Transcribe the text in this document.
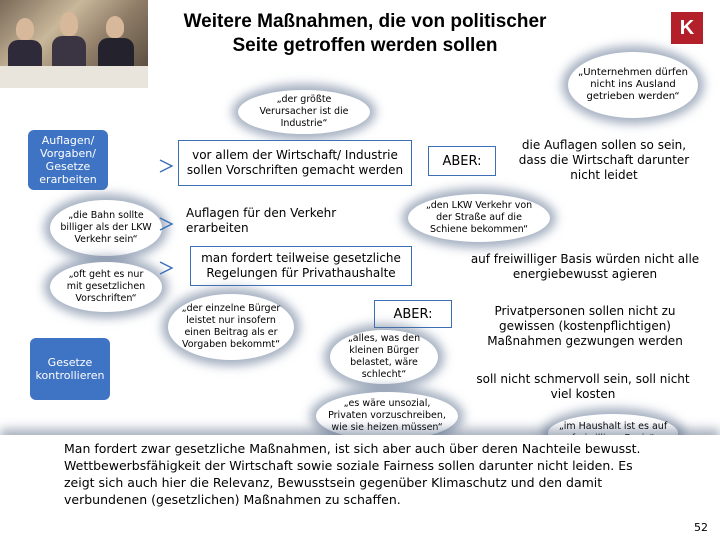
Weitere Maßnahmen, die von politischer
Seite getroffen werden sollen
K
„der größte Verursacher ist die Industrie“
„Unternehmen dürfen nicht ins Ausland getrieben werden“
Auflagen/ Vorgaben/ Gesetze erarbeiten
„die Bahn sollte billiger als der LKW Verkehr sein“
„oft geht es nur mit gesetzlichen Vorschriften“
Gesetze kontrollieren
vor allem der Wirtschaft/ Industrie sollen Vorschriften gemacht werden
ABER:
die Auflagen sollen so sein, dass die Wirtschaft darunter nicht leidet
Auflagen für den Verkehr erarbeiten
„den LKW Verkehr von der Straße auf die Schiene bekommen“
man fordert teilweise gesetzliche Regelungen für Privathaushalte
auf freiwilliger Basis würden nicht alle energiebewusst agieren
„der einzelne Bürger leistet nur insofern einen Beitrag als er Vorgaben bekommt“
ABER:	Privatpersonen sollen nicht zu gewissen (kostenpflichtigen) Maßnahmen gezwungen werden
„alles, was den kleinen Bürger belastet, wäre schlecht“	soll nicht schmervoll sein, soll nicht viel kosten
„es wäre unsozial, Privaten vorzuschreiben, wie sie heizen müssen“	„im Haushalt ist es auf

Man fordert zwar gesetzliche Maßnahmen, ist sich aber auch über deren Nachteile bewusst. Wettbewerbsfähigkeit der Wirtschaft sowie soziale Fairness sollen darunter nicht leiden. Es zeigt sich auch hier die Relevanz, Bewusstsein gegenüber Klimaschutz und den damit verbundenen (gesetzlichen) Maßnahmen zu schaffen.

52
